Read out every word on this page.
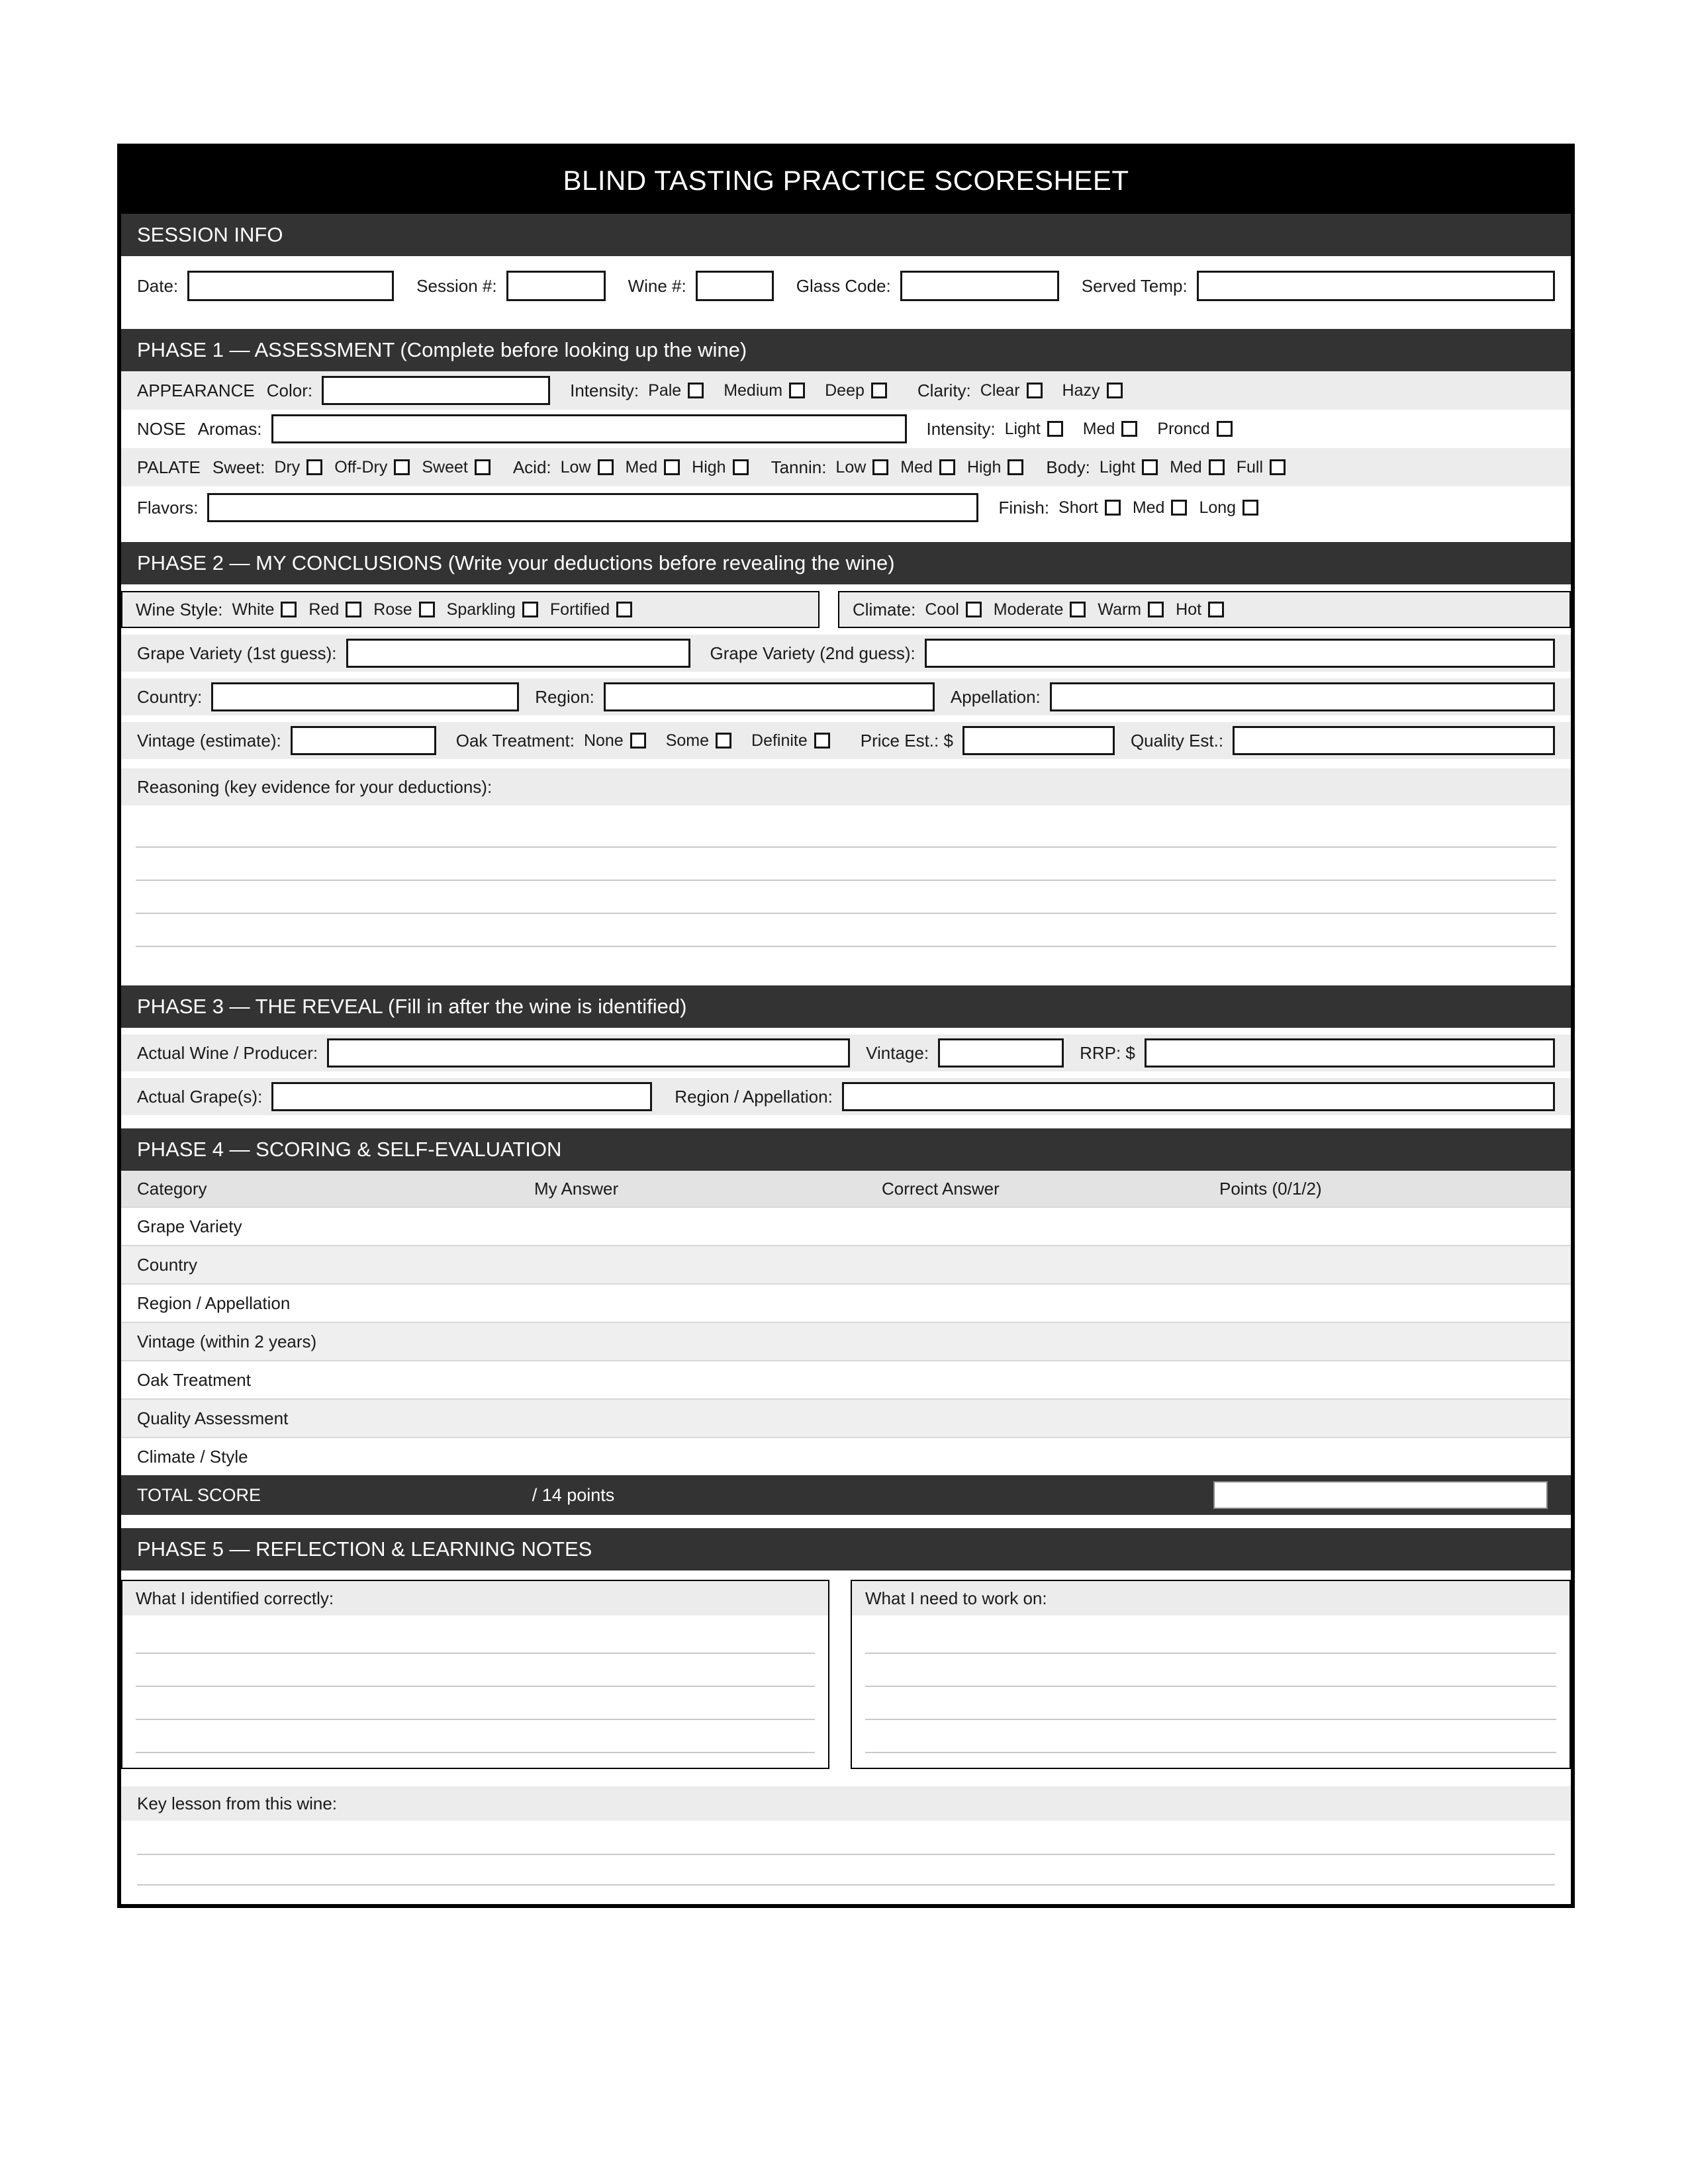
BLIND TASTING PRACTICE SCORESHEET
SESSION INFO
Date:	Session #:	Wine #:	Glass Code:	Served Temp:
PHASE 1 — ASSESSMENT (Complete before looking up the wine)
APPEARANCE Color:	Intensity: Pale	Medium	Deep	Clarity: Clear	Hazy
NOSE Aromas:	Intensity: Light	Med	Proncd
PALATE Sweet: Dry Off-Dry Sweet	Acid: Low Med High	Tannin: Low Med High	Body: Light Med Full
Flavors:	Finish: Short Med Long
PHASE 2 — MY CONCLUSIONS (Write your deductions before revealing the wine)
Wine Style: White Red Rose Sparkling Fortified	Climate: Cool Moderate Warm Hot
Grape Variety (1st guess):	Grape Variety (2nd guess):
Country:	Region:	Appellation:
Vintage (estimate):	Oak Treatment: None	Some	Definite	Price Est.: $	Quality Est.:
Reasoning (key evidence for your deductions):
PHASE 3 — THE REVEAL (Fill in after the wine is identified)
Actual Wine / Producer:	Vintage:	RRP: $
Actual Grape(s):	Region / Appellation:
PHASE 4 — SCORING & SELF-EVALUATION
Category	My Answer	Correct Answer	Points (0/1/2)
Grape Variety
Country
Region / Appellation
Vintage (within 2 years)
Oak Treatment
Quality Assessment
Climate / Style
TOTAL SCORE	/ 14 points
PHASE 5 — REFLECTION & LEARNING NOTES
What I identified correctly:	What I need to work on:
Key lesson from this wine:
